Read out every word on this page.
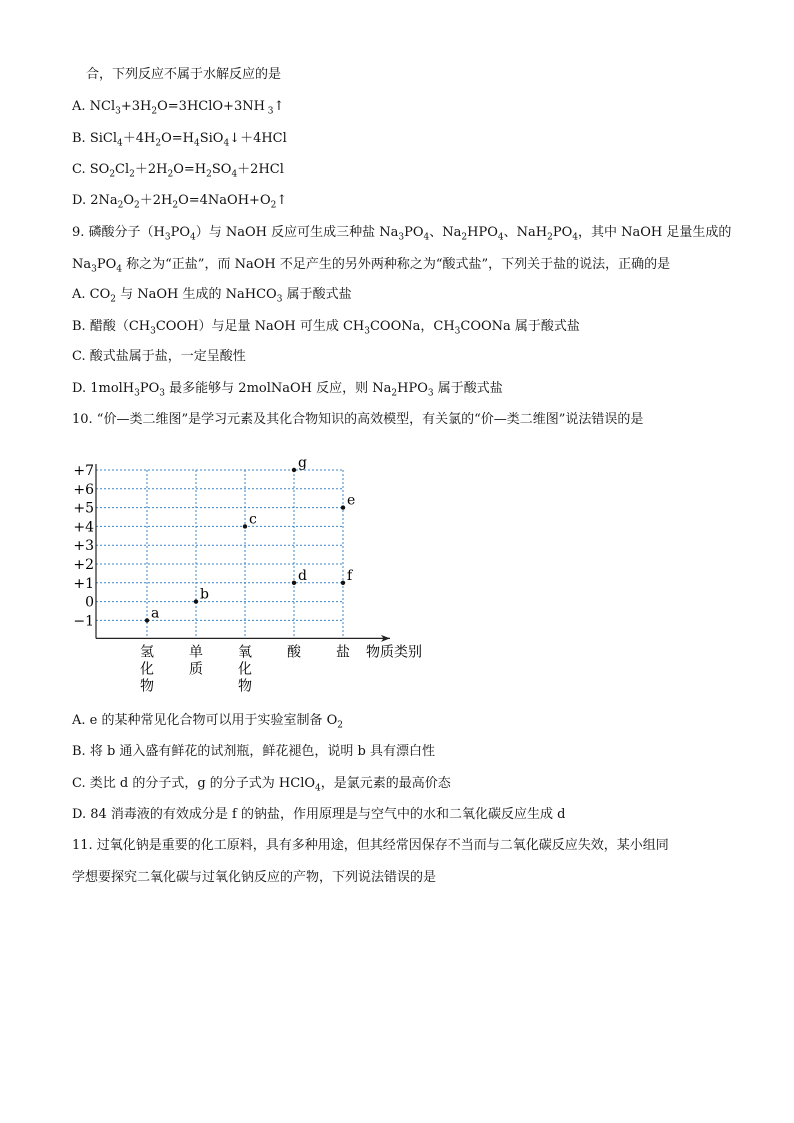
合，下列反应不属于水解反应的是
A. $NCl_3+3H_2O=3HClO+3NH$ $_3$↑
B. $SiCl_4+4H_2O=H_4SiO_4↓+4HCl$
C. $SO_2Cl_2+2H_2O=H_2SO_4+2HCl$
D. $2Na_2O_2+2H_2O=4NaOH+O_2↑$
9. 磷酸分子$(H_3PO_4)$与 NaOH 反应可生成三种盐 $Na_3PO_4$、$Na_2HPO_4$、$NaH_2PO_4$，其中 NaOH 足量生成的
$Na_3PO_4$ 称之为“正盐”，而 NaOH 不足产生的另外两种称之为“酸式盐”，下列关于盐的说法，正确的是
A. $CO_2$ 与 NaOH 生成的 NaHCO$_3$ 属于酸式盐
B. 醋酸$(CH_3COOH)$与足量 NaOH 可生成 $CH_3COONa$，$CH_3COONa$ 属于酸式盐
C. 酸式盐属于盐，一定呈酸性
D. $1molH_3PO_3$ 最多能够与 2molNaOH 反应，则 $Na_2HPO_3$ 属于酸式盐
10. “价—类二维图”是学习元素及其化合物知识的高效模型，有关氯的“价—类二维图”说法错误的是
+7
+6
+5
+4
+3
+2
+1
0
−1
氢
化
物
单
质
氧
化
物
酸	盐 物质类别
a
b
c
d
g
e
f
A. e 的某种常见化合物可以用于实验室制备 $O_2$
B. 将 b 通入盛有鲜花的试剂瓶，鲜花褪色，说明 b 具有漂白性
C. 类比 d 的分子式，g 的分子式为 HClO$_4$，是氯元素的最高价态
D. 84 消毒液的有效成分是 f 的钠盐，作用原理是与空气中的水和二氧化碳反应生成 d
11. 过氧化钠是重要的化工原料，具有多种用途，但其经常因保存不当而与二氧化碳反应失效，某小组同
学想要探究二氧化碳与过氧化钠反应的产物，下列说法错误的是
